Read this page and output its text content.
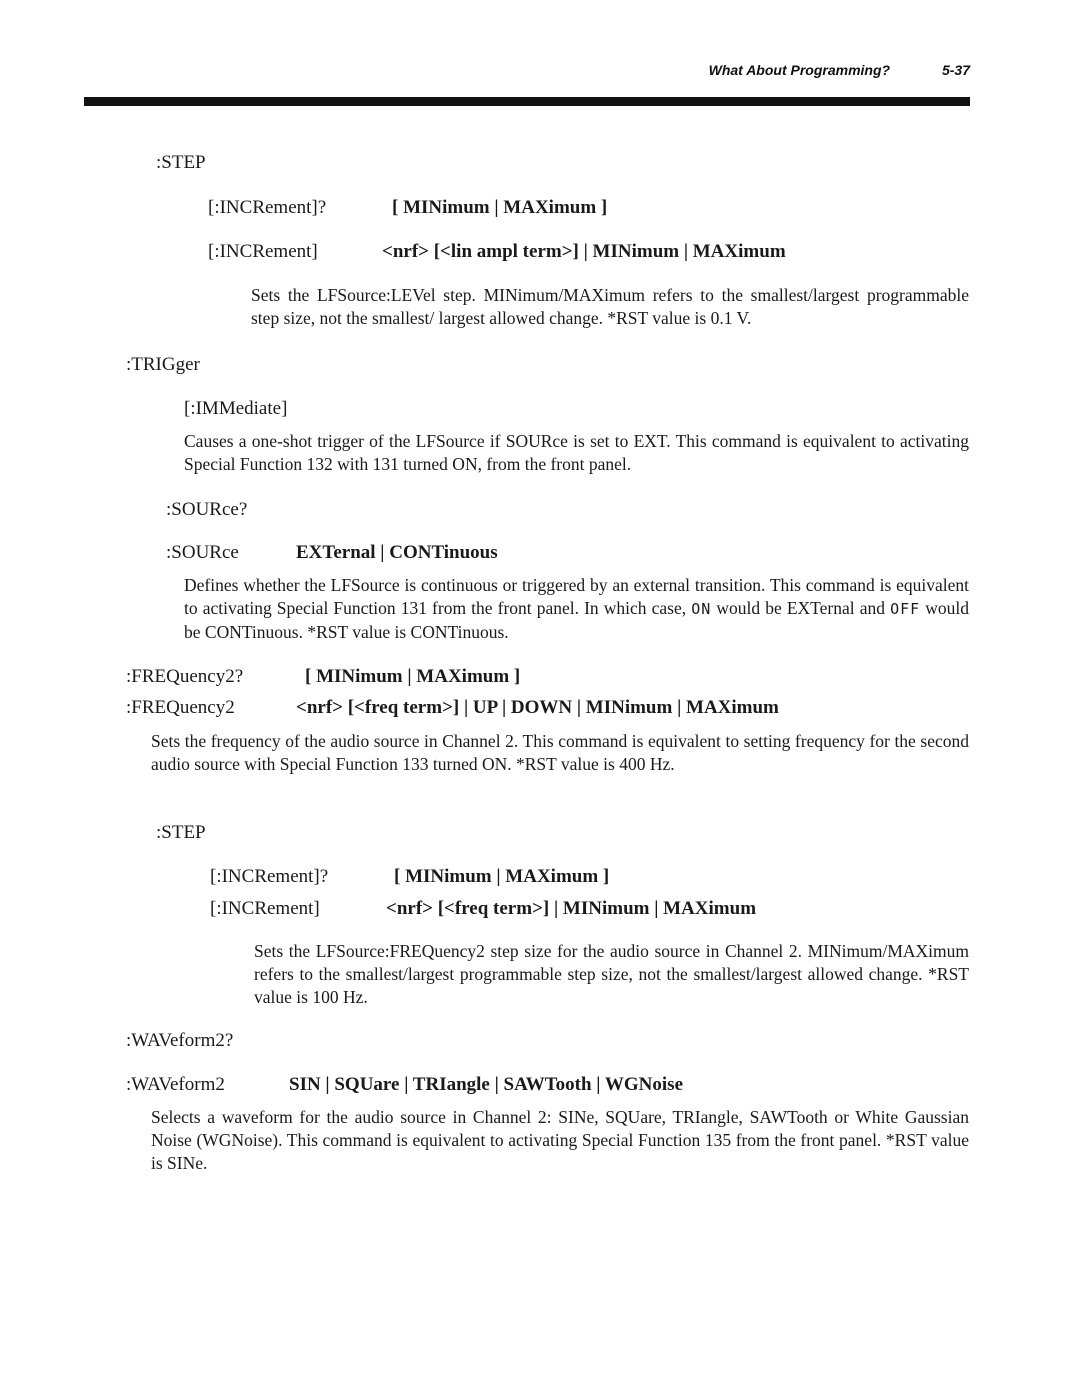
What About Programming?	5-37

:STEP

[:INCRement]?	[ MINimum | MAXimum ]

[:INCRement]	<nrf> [<lin ampl term>] | MINimum | MAXimum

Sets the LFSource:LEVel step. MINimum/MAXimum refers to the smallest/largest programmable step size, not the smallest/ largest allowed change. *RST value is 0.1 V.

:TRIGger

[:IMMediate]

Causes a one-shot trigger of the LFSource if SOURce is set to EXT. This command is equivalent to activating Special Function 132 with 131 turned ON, from the front panel.

:SOURce?

:SOURce	EXTernal | CONTinuous

Defines whether the LFSource is continuous or triggered by an external transition. This command is equivalent to activating Special Function 131 from the front panel. In which case, ON would be EXTernal and OFF would be CONTinuous. *RST value is CONTinuous.

:FREQuency2?	[ MINimum | MAXimum ]

:FREQuency2	<nrf> [<freq term>] | UP | DOWN | MINimum | MAXimum

Sets the frequency of the audio source in Channel 2. This command is equivalent to setting frequency for the second audio source with Special Function 133 turned ON. *RST value is 400 Hz.

:STEP

[:INCRement]?	[ MINimum | MAXimum ]

[:INCRement]	<nrf> [<freq term>] | MINimum | MAXimum

Sets the LFSource:FREQuency2 step size for the audio source in Channel 2. MINimum/MAXimum refers to the smallest/largest programmable step size, not the smallest/largest allowed change. *RST value is 100 Hz.

:WAVeform2?

:WAVeform2	SIN | SQUare | TRIangle | SAWTooth | WGNoise

Selects a waveform for the audio source in Channel 2: SINe, SQUare, TRIangle, SAWTooth or White Gaussian Noise (WGNoise). This command is equivalent to activating Special Function 135 from the front panel. *RST value is SINe.
